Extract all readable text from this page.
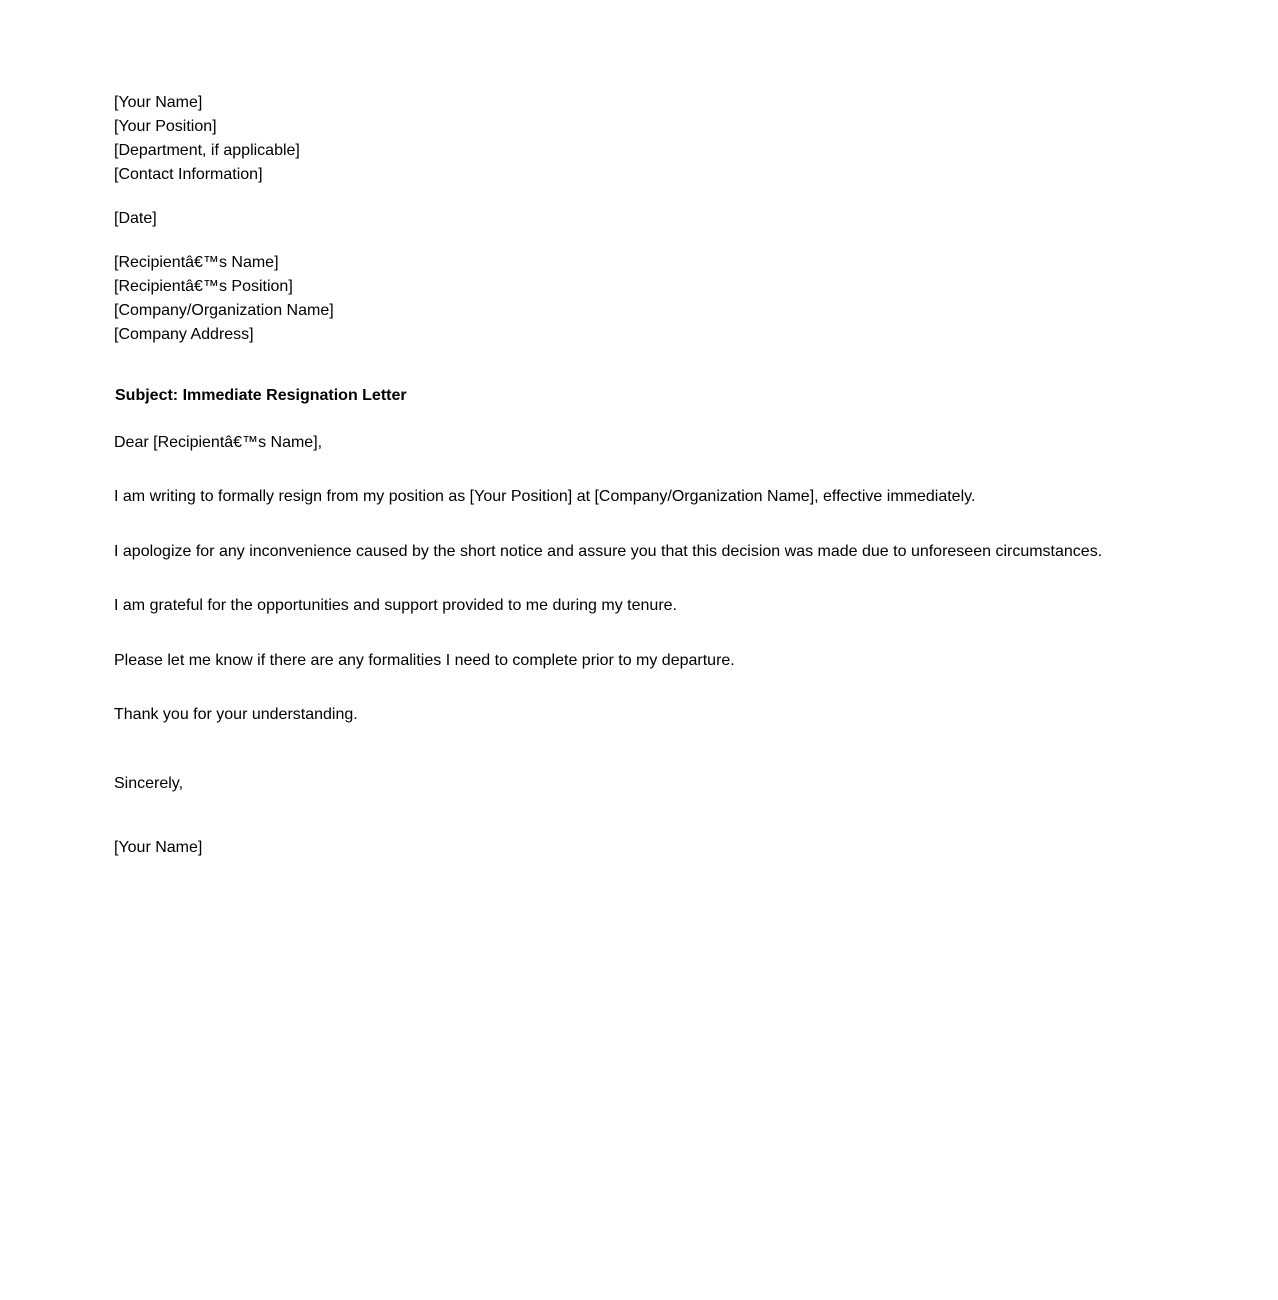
[Your Name]
[Your Position]
[Department, if applicable]
[Contact Information]
[Date]
[Recipientâ€™s Name]
[Recipientâ€™s Position]
[Company/Organization Name]
[Company Address]
Subject: Immediate Resignation Letter
Dear [Recipientâ€™s Name],
I am writing to formally resign from my position as [Your Position] at [Company/Organization Name], effective immediately.
I apologize for any inconvenience caused by the short notice and assure you that this decision was made due to unforeseen circumstances.
I am grateful for the opportunities and support provided to me during my tenure.
Please let me know if there are any formalities I need to complete prior to my departure.
Thank you for your understanding.
Sincerely,
[Your Name]
